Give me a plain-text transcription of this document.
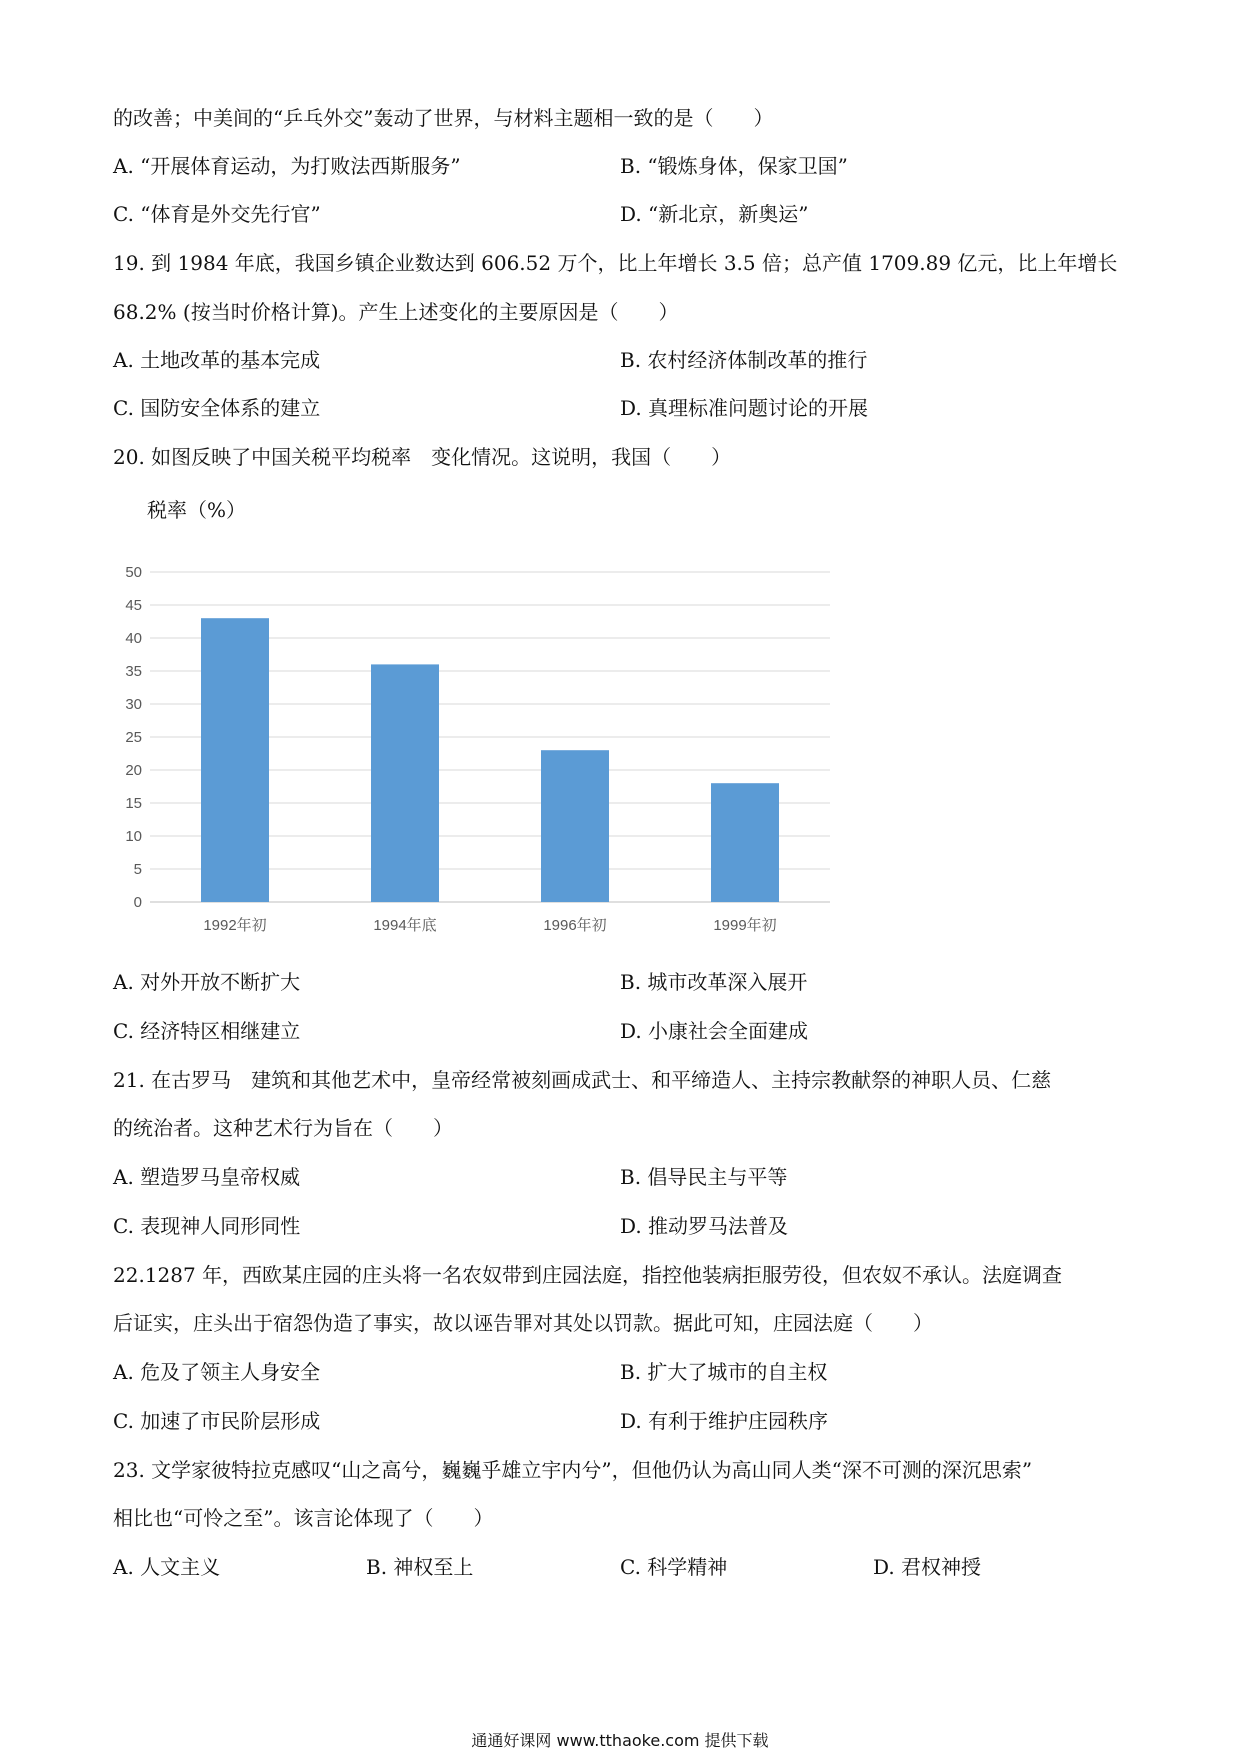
的改善；中美间的“乒乓外交”轰动了世界，与材料主题相一致的是（　　）
A. “开展体育运动，为打败法西斯服务”	B. “锻炼身体，保家卫国”
C. “体育是外交先行官”	D. “新北京，新奥运”
19. 到 1984 年底，我国乡镇企业数达到 606.52 万个，比上年增长 3.5 倍；总产值 1709.89 亿元，比上年增长
68.2% (按当时价格计算)。产生上述变化的主要原因是（　　）
A. 土地改革的基本完成	B. 农村经济体制改革的推行
C. 国防安全体系的建立	D. 真理标准问题讨论的开展
20. 如图反映了中国关税平均税率　变化情况。这说明，我国（　　）
税率（%）
0
5
10
15
20
25
30
35
40
45
50
1992年初	1994年底	1996年初	1999年初
A. 对外开放不断扩大	B. 城市改革深入展开
C. 经济特区相继建立	D. 小康社会全面建成
21. 在古罗马　建筑和其他艺术中，皇帝经常被刻画成武士、和平缔造人、主持宗教献祭的神职人员、仁慈
的统治者。这种艺术行为旨在（　　）
A. 塑造罗马皇帝权威	B. 倡导民主与平等
C. 表现神人同形同性	D. 推动罗马法普及
22.1287 年，西欧某庄园的庄头将一名农奴带到庄园法庭，指控他装病拒服劳役，但农奴不承认。法庭调查
后证实，庄头出于宿怨伪造了事实，故以诬告罪对其处以罚款。据此可知，庄园法庭（　　）
A. 危及了领主人身安全	B. 扩大了城市的自主权
C. 加速了市民阶层形成	D. 有利于维护庄园秩序
23. 文学家彼特拉克感叹“山之高兮，巍巍乎雄立宇内兮”，但他仍认为高山同人类“深不可测的深沉思索”
相比也“可怜之至”。该言论体现了（　　）
A. 人文主义	B. 神权至上	C. 科学精神	D. 君权神授
通通好课网 www.tthaoke.com 提供下载
